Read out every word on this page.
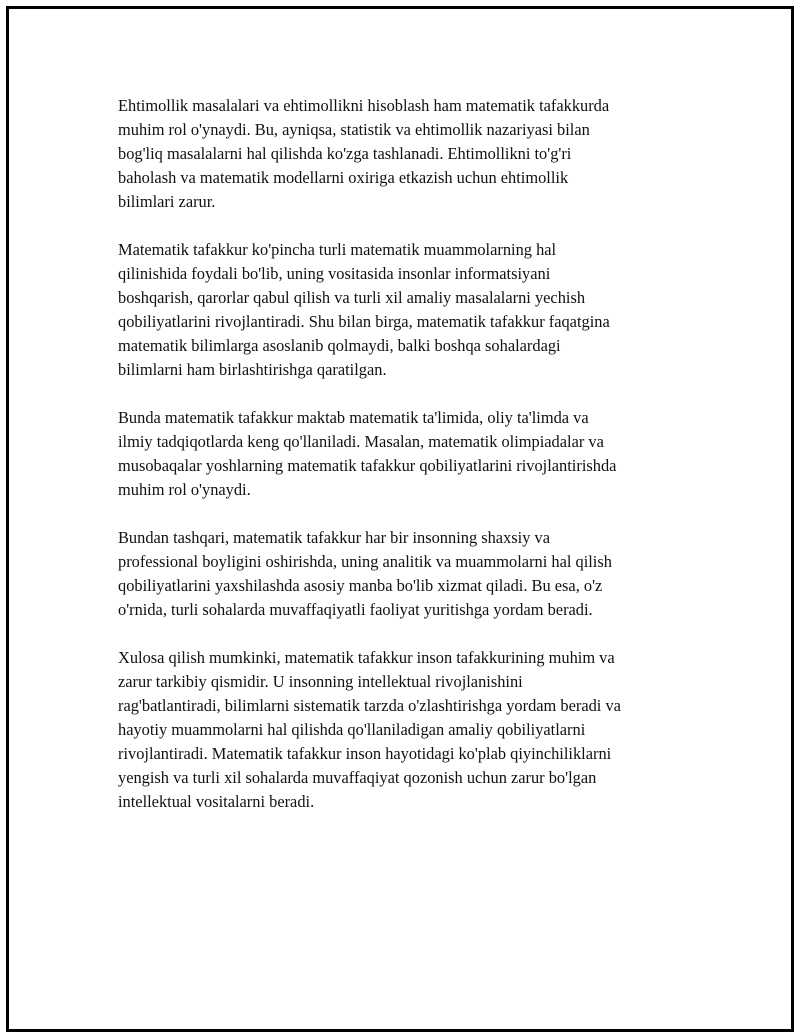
Ehtimollik masalalari va ehtimollikni hisoblash ham matematik tafakkurda
muhim rol o'ynaydi. Bu, ayniqsa, statistik va ehtimollik nazariyasi bilan
bog'liq masalalarni hal qilishda ko'zga tashlanadi. Ehtimollikni to'g'ri
baholash va matematik modellarni oxiriga etkazish uchun ehtimollik
bilimlari zarur.

Matematik tafakkur ko'pincha turli matematik muammolarning hal
qilinishida foydali bo'lib, uning vositasida insonlar informatsiyani
boshqarish, qarorlar qabul qilish va turli xil amaliy masalalarni yechish
qobiliyatlarini rivojlantiradi. Shu bilan birga, matematik tafakkur faqatgina
matematik bilimlarga asoslanib qolmaydi, balki boshqa sohalardagi
bilimlarni ham birlashtirishga qaratilgan.

Bunda matematik tafakkur maktab matematik ta'limida, oliy ta'limda va
ilmiy tadqiqotlarda keng qo'llaniladi. Masalan, matematik olimpiadalar va
musobaqalar yoshlarning matematik tafakkur qobiliyatlarini rivojlantirishda
muhim rol o'ynaydi.

Bundan tashqari, matematik tafakkur har bir insonning shaxsiy va
professional boyligini oshirishda, uning analitik va muammolarni hal qilish
qobiliyatlarini yaxshilashda asosiy manba bo'lib xizmat qiladi. Bu esa, o'z
o'rnida, turli sohalarda muvaffaqiyatli faoliyat yuritishga yordam beradi.

Xulosa qilish mumkinki, matematik tafakkur inson tafakkurining muhim va
zarur tarkibiy qismidir. U insonning intellektual rivojlanishini
rag'batlantiradi, bilimlarni sistematik tarzda o'zlashtirishga yordam beradi va
hayotiy muammolarni hal qilishda qo'llaniladigan amaliy qobiliyatlarni
rivojlantiradi. Matematik tafakkur inson hayotidagi ko'plab qiyinchiliklarni
yengish va turli xil sohalarda muvaffaqiyat qozonish uchun zarur bo'lgan
intellektual vositalarni beradi.
